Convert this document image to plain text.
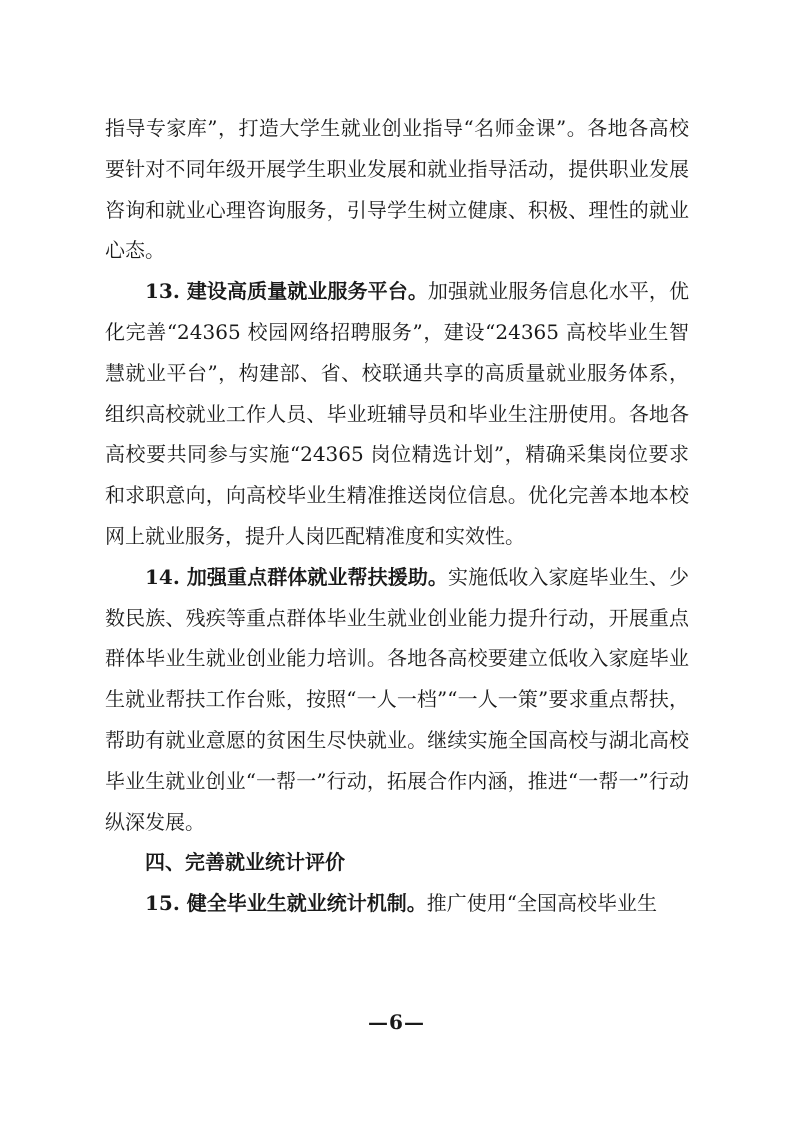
指导专家库”，打造大学生就业创业指导“名师金课”。各地各高校要针对不同年级开展学生职业发展和就业指导活动，提供职业发展咨询和就业心理咨询服务，引导学生树立健康、积极、理性的就业心态。

13. 建设高质量就业服务平台。加强就业服务信息化水平，优化完善“24365 校园网络招聘服务”，建设“24365 高校毕业生智慧就业平台”，构建部、省、校联通共享的高质量就业服务体系，组织高校就业工作人员、毕业班辅导员和毕业生注册使用。各地各高校要共同参与实施“24365 岗位精选计划”，精确采集岗位要求和求职意向，向高校毕业生精准推送岗位信息。优化完善本地本校网上就业服务，提升人岗匹配精准度和实效性。

14. 加强重点群体就业帮扶援助。实施低收入家庭毕业生、少数民族、残疾等重点群体毕业生就业创业能力提升行动，开展重点群体毕业生就业创业能力培训。各地各高校要建立低收入家庭毕业生就业帮扶工作台账，按照“一人一档”“一人一策”要求重点帮扶，帮助有就业意愿的贫困生尽快就业。继续实施全国高校与湖北高校毕业生就业创业“一帮一”行动，拓展合作内涵，推进“一帮一”行动纵深发展。

四、完善就业统计评价

15. 健全毕业生就业统计机制。推广使用“全国高校毕业生

—6—
